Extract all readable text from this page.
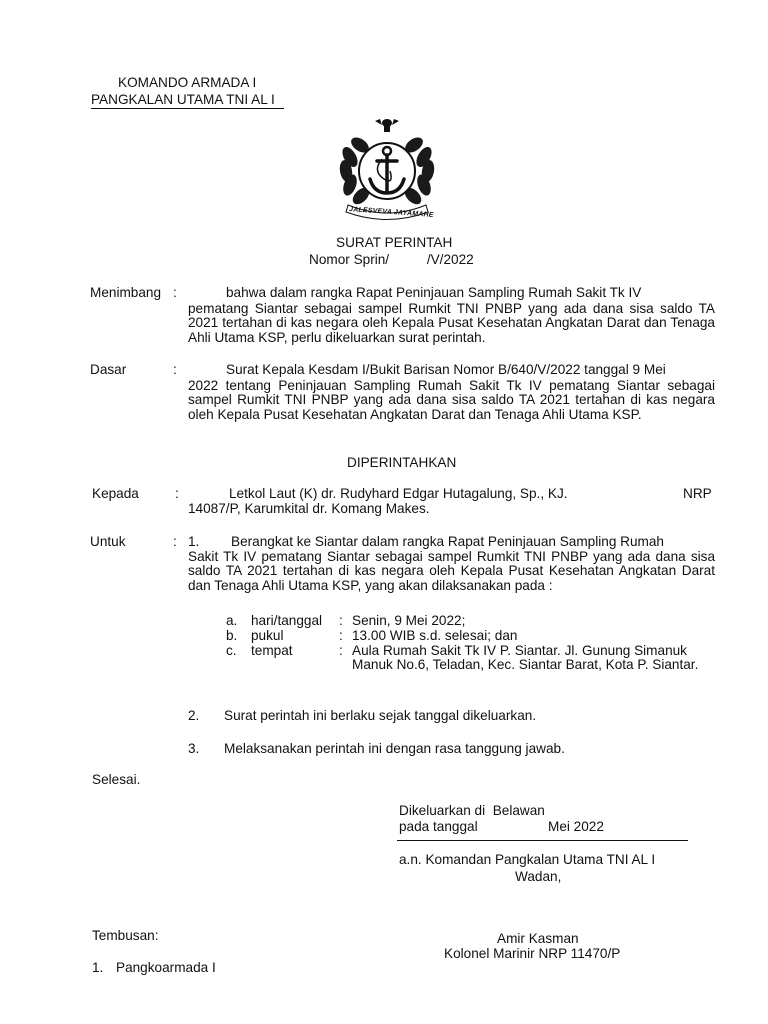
KOMANDO ARMADA I
PANGKALAN UTAMA TNI AL I
JALESVEVA JAYAMAHE
SURAT PERINTAH
Nomor Sprin/          /V/2022
Menimbang :	bahwa dalam rangka Rapat Peninjauan Sampling Rumah Sakit Tk IV
pematang Siantar sebagai sampel Rumkit TNI PNBP yang ada dana sisa saldo TA 2021 tertahan di kas negara oleh Kepala Pusat Kesehatan Angkatan Darat dan Tenaga Ahli Utama KSP, perlu dikeluarkan surat perintah.
Dasar	:	Surat Kepala Kesdam I/Bukit Barisan Nomor B/640/V/2022 tanggal 9 Mei
2022 tentang Peninjauan Sampling Rumah Sakit Tk IV pematang Siantar sebagai sampel Rumkit TNI PNBP yang ada dana sisa saldo TA 2021 tertahan di kas negara oleh Kepala Pusat Kesehatan Angkatan Darat dan Tenaga Ahli Utama KSP.
DIPERINTAHKAN
Kepada	:	Letkol Laut (K) dr. Rudyhard Edgar Hutagalung, Sp., KJ.	NRP
14087/P, Karumkital dr. Komang Makes.
Untuk	: 1. Berangkat ke Siantar dalam rangka Rapat Peninjauan Sampling Rumah
Sakit Tk IV pematang Siantar sebagai sampel Rumkit TNI PNBP yang ada dana sisa saldo TA 2021 tertahan di kas negara oleh Kepala Pusat Kesehatan Angkatan Darat dan Tenaga Ahli Utama KSP, yang akan dilaksanakan pada :
a. hari/tanggal : Senin, 9 Mei 2022;
b. pukul	: 13.00 WIB s.d. selesai; dan
c. tempat	: Aula Rumah Sakit Tk IV P. Siantar. Jl. Gunung Simanuk Manuk No.6, Teladan, Kec. Siantar Barat, Kota P. Siantar.
2. Surat perintah ini berlaku sejak tanggal dikeluarkan.
3. Melaksanakan perintah ini dengan rasa tanggung jawab.
Selesai.
Dikeluarkan di  Belawan
pada tanggal	Mei 2022
a.n. Komandan Pangkalan Utama TNI AL I
Wadan,
Amir Kasman
Kolonel Marinir NRP 11470/P
Tembusan:
1. Pangkoarmada I
